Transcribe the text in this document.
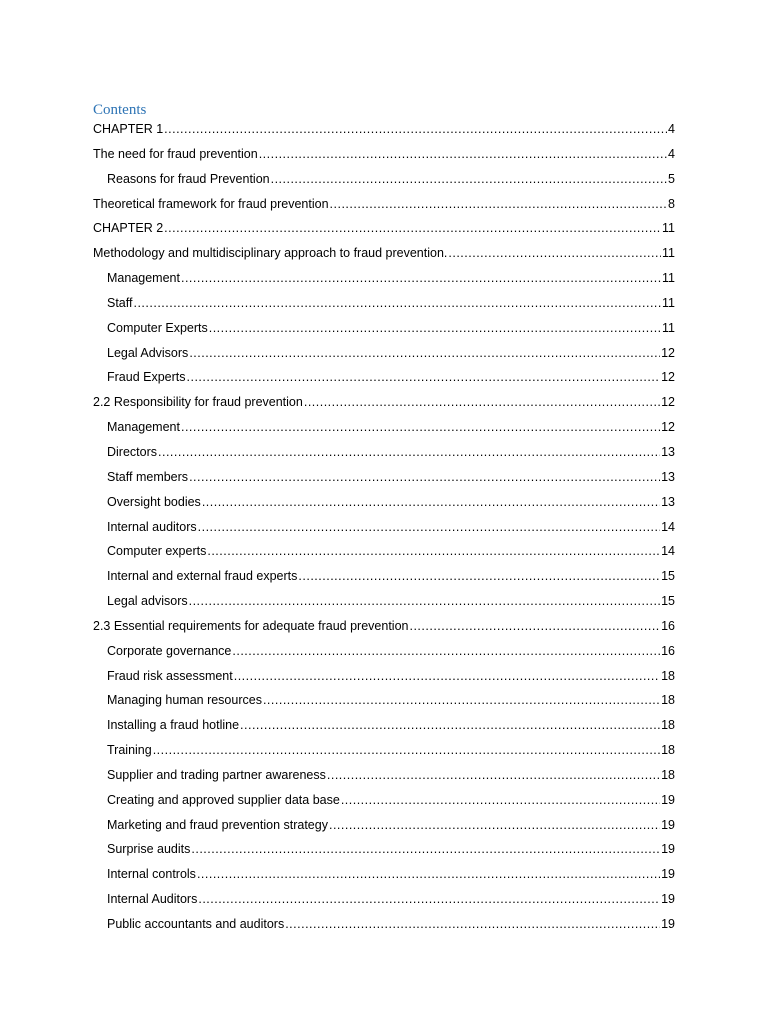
Contents
CHAPTER 1 .....	4
The need for fraud prevention .....	4
Reasons for fraud Prevention .....	5
Theoretical framework for fraud prevention .....	8
CHAPTER 2 .....	11
Methodology and multidisciplinary approach to fraud prevention. .....	11
Management .....	11
Staff .....	11
Computer Experts .....	11
Legal Advisors .....	12
Fraud Experts .....	12
2.2 Responsibility for fraud prevention .....	12
Management .....	12
Directors .....	13
Staff members .....	13
Oversight bodies .....	13
Internal auditors .....	14
Computer experts .....	14
Internal and external fraud experts .....	15
Legal advisors .....	15
2.3 Essential requirements for adequate fraud prevention .....	16
Corporate governance .....	16
Fraud risk assessment .....	18
Managing human resources .....	18
Installing a fraud hotline .....	18
Training .....	18
Supplier and trading partner awareness .....	18
Creating and approved supplier data base .....	19
Marketing and fraud prevention strategy .....	19
Surprise audits .....	19
Internal controls .....	19
Internal Auditors .....	19
Public accountants and auditors .....	19
